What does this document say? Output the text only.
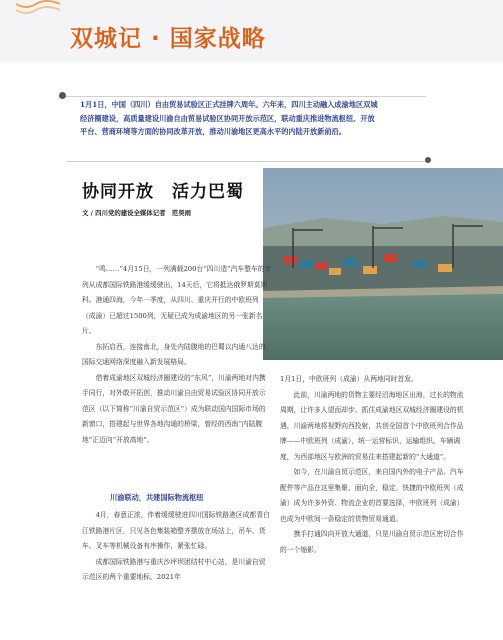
双城记 · 国家战略
1月1日，中国（四川）自由贸易试验区正式挂牌六周年。六年来，四川主动融入成渝地区双城经济圈建设，高质量建设川渝自由贸易试验区协同开放示范区，联动重庆推进物流枢纽、开放平台、营商环境等方面的协同改革开放，推动川渝地区更高水平的内陆开放新前沿。
协同开放　活力巴蜀
文 / 四川党的建设全媒体记者　范昊雨

“鸣……”4月15日，一列满载200台“四川造”汽车整车的专列从成都国际铁路港缓缓驶出，14天后，它将抵达俄罗斯莫斯科。港通四海，今年一季度，从四川、重庆开行的中欧班列（成渝）已超过1500列，无疑已成为成渝地区的另一张新名片。

东拓启西，连接南北，身处内陆腹地的巴蜀以内通八达的国际交通网络深度融入新发展格局。

借着成渝地区双城经济圈建设的“东风”，川渝两地对内携手同行，对外敢开拓创，推动川渝自由贸易试验区协同开放示范区（以下简称“川渝自贸示范区”）成为联动国内国际市场的新窗口，搭建起与世界各地沟通的桥梁，曾经的西南“内陆腹地”正迈向“开放高地”。

川渝联动，共建国际物流枢纽

4月，春意正浓，伴着缓缓驶进四川国际铁路港区成都青白江铁路港片区，只见各色集装箱整齐摆放在场站上，吊车、货车、叉车等机械设备有序操作，紧张忙碌。

成都国际铁路港与重庆沙坪坝团结村中心站，是川渝自贸示范区的两个重要地标。2021年

1月1日，中欧班列（成渝）从两地同时首发。

此前，川渝两地的货物主要经沿海地区出海，过长的物流周期，让许多人望而却步。抓住成渝地区双城经济圈建设的机遇，川渝两地将视野向西投射，共创全国首个中欧班列合作品牌——中欧班列（成渝），统一运营标识、运输组织、车辆调度，为西部地区与欧洲的贸易往来搭建起新的“大通道”。

如今，在川渝自贸示范区，来自国内外的电子产品、汽车配件等产品在这里集聚、面向全，稳定、快捷的中欧班列（成渝）成为许多外资、物流企业的首要选择，中欧班列（成渝）也成为中欧间一条稳定的货物贸易通道。

携手打通四向开放大通道，只是川渝自贸示范区密切合作的一个缩影。
